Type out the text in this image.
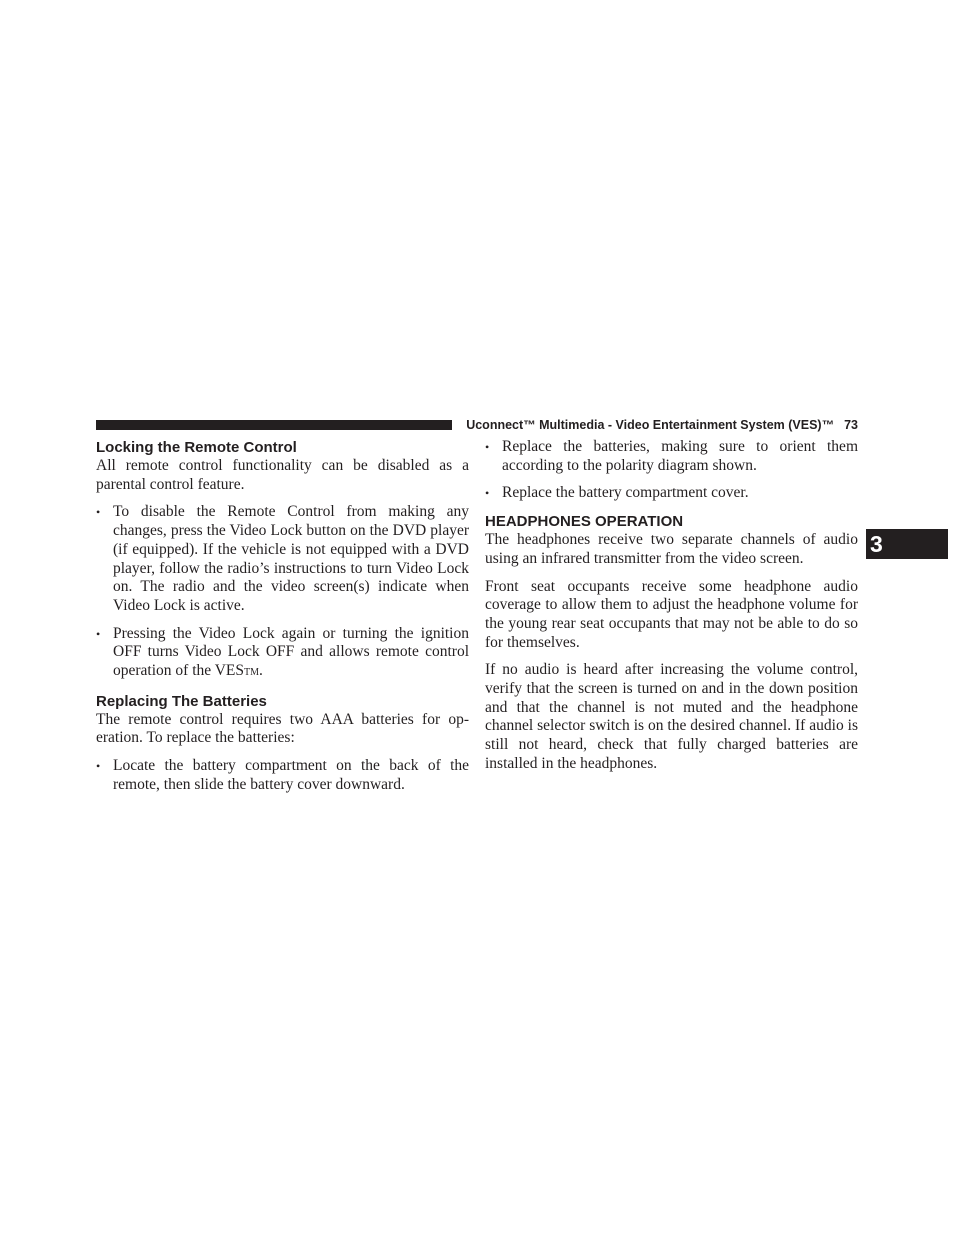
Uconnect™ Multimedia - Video Entertainment System (VES)™ 73
3
Locking the Remote Control

All remote control functionality can be disabled as a parental control feature.

• To disable the Remote Control from making any changes, press the Video Lock button on the DVD player (if equipped). If the vehicle is not equipped with a DVD player, follow the radio’s instructions to turn Video Lock on. The radio and the video screen(s) indicate when Video Lock is active.
• Pressing the Video Lock again or turning the ignition OFF turns Video Lock OFF and allows remote control operation of the VESTM.
Replacing The Batteries

The remote control requires two AAA batteries for op- eration. To replace the batteries:

• Locate the battery compartment on the back of the remote, then slide the battery cover downward.
• Replace the batteries, making sure to orient them according to the polarity diagram shown.
• Replace the battery compartment cover.
HEADPHONES OPERATION

The headphones receive two separate channels of audio using an infrared transmitter from the video screen.

Front seat occupants receive some headphone audio coverage to allow them to adjust the headphone volume for the young rear seat occupants that may not be able to do so for themselves.

If no audio is heard after increasing the volume control, verify that the screen is turned on and in the down position and that the channel is not muted and the headphone channel selector switch is on the desired channel. If audio is still not heard, check that fully charged batteries are installed in the headphones.
